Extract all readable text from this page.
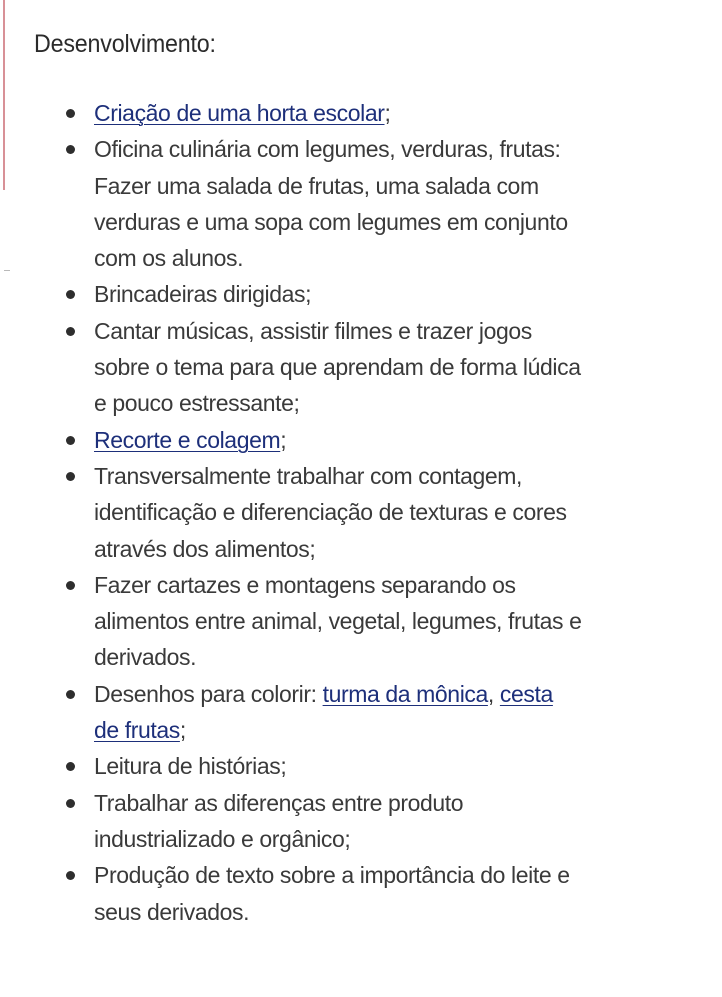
Desenvolvimento:
Criação de uma horta escolar;
Oficina culinária com legumes, verduras, frutas: Fazer uma salada de frutas, uma salada com verduras e uma sopa com legumes em conjunto com os alunos.
Brincadeiras dirigidas;
Cantar músicas, assistir filmes e trazer jogos sobre o tema para que aprendam de forma lúdica e pouco estressante;
Recorte e colagem;
Transversalmente trabalhar com contagem, identificação e diferenciação de texturas e cores através dos alimentos;
Fazer cartazes e montagens separando os alimentos entre animal, vegetal, legumes, frutas e derivados.
Desenhos para colorir: turma da mônica, cesta de frutas;
Leitura de histórias;
Trabalhar as diferenças entre produto industrializado e orgânico;
Produção de texto sobre a importância do leite e seus derivados.
